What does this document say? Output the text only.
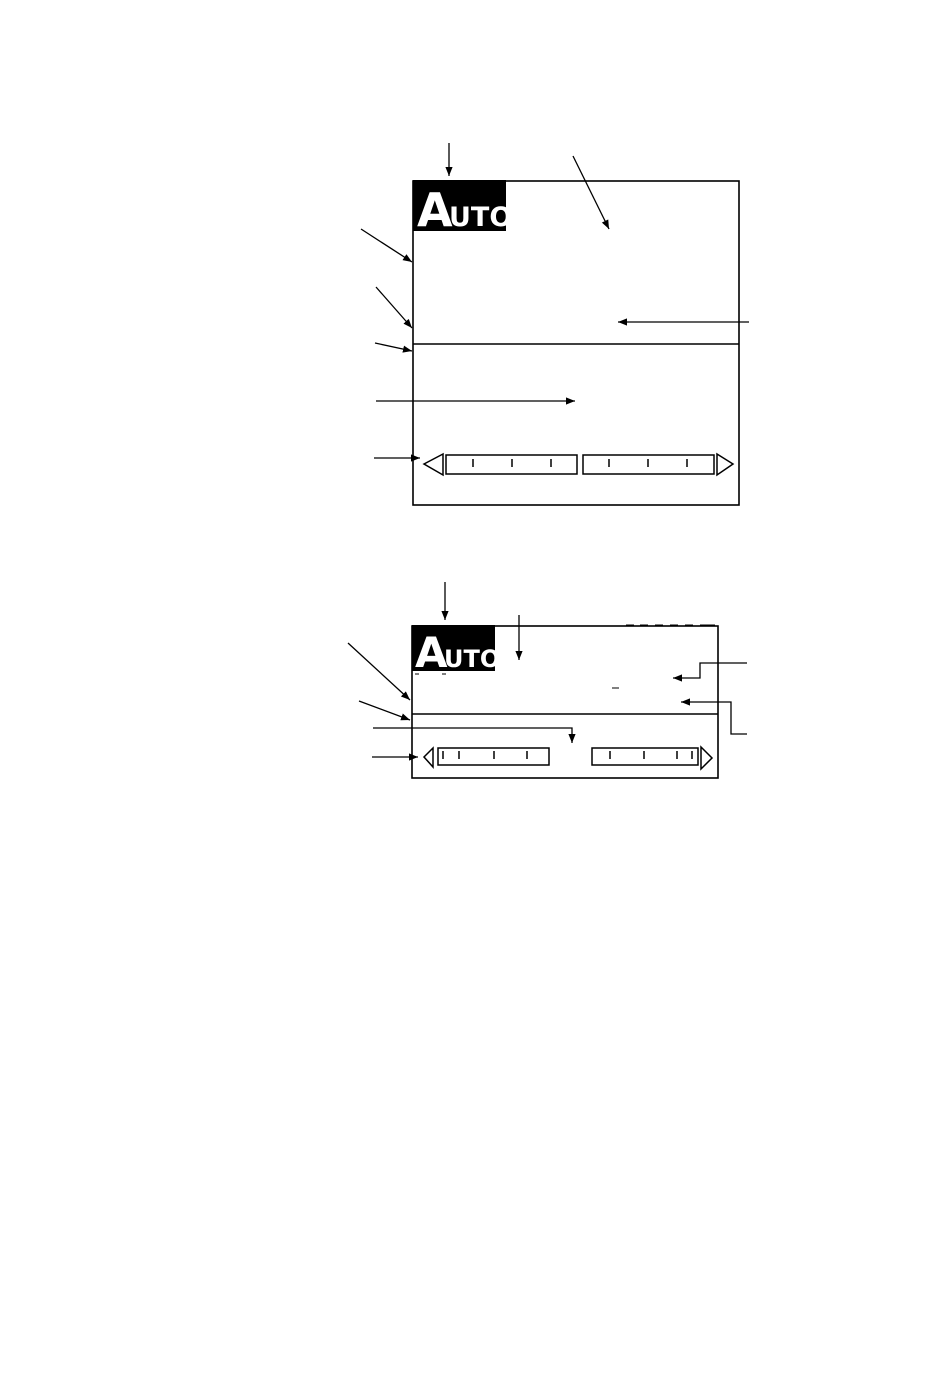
A
UTO
A
UTO
